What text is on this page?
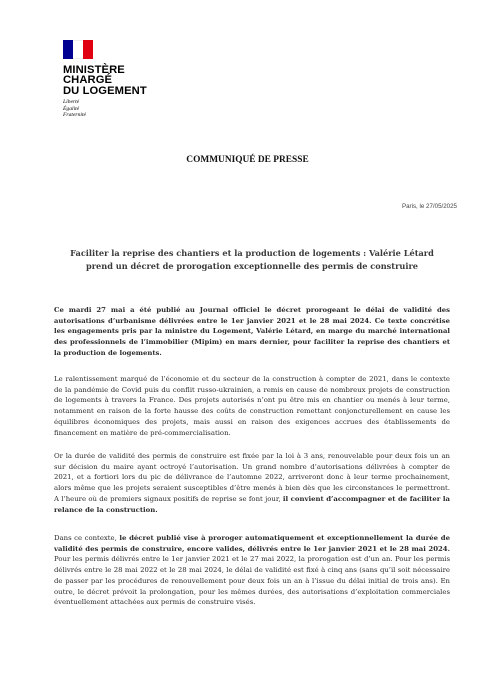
MINISTÈRE
CHARGÉ
DU LOGEMENT
Liberté
Égalité
Fraternité
COMMUNIQUÉ DE PRESSE
Paris, le 27/05/2025
Faciliter la reprise des chantiers et la production de logements : Valérie Létard prend un décret de prorogation exceptionnelle des permis de construire

Ce mardi 27 mai a été publié au Journal officiel le décret prorogeant le délai de validité des autorisations d’urbanisme délivrées entre le 1er janvier 2021 et le 28 mai 2024. Ce texte concrétise les engagements pris par la ministre du Logement, Valérie Létard, en marge du marché international des professionnels de l’immobilier (Mipim) en mars dernier, pour faciliter la reprise des chantiers et la production de logements.

Le ralentissement marqué de l’économie et du secteur de la construction à compter de 2021, dans le contexte de la pandémie de Covid puis du conflit russo-ukrainien, a remis en cause de nombreux projets de construction de logements à travers la France. Des projets autorisés n’ont pu être mis en chantier ou menés à leur terme, notamment en raison de la forte hausse des coûts de construction remettant conjoncturellement en cause les équilibres économiques des projets, mais aussi en raison des exigences accrues des établissements de financement en matière de pré-commercialisation.

Or la durée de validité des permis de construire est fixée par la loi à 3 ans, renouvelable pour deux fois un an sur décision du maire ayant octroyé l’autorisation. Un grand nombre d’autorisations délivrées à compter de 2021, et a fortiori lors du pic de délivrance de l’automne 2022, arriveront donc à leur terme prochainement, alors même que les projets seraient susceptibles d’être menés à bien dès que les circonstances le permettront. A l’heure où de premiers signaux positifs de reprise se font jour, il convient d’accompagner et de faciliter la relance de la construction.

Dans ce contexte, le décret publié vise à proroger automatiquement et exceptionnellement la durée de validité des permis de construire, encore valides, délivrés entre le 1er janvier 2021 et le 28 mai 2024. Pour les permis délivrés entre le 1er janvier 2021 et le 27 mai 2022, la prorogation est d’un an. Pour les permis délivrés entre le 28 mai 2022 et le 28 mai 2024, le délai de validité est fixé à cinq ans (sans qu’il soit nécessaire de passer par les procédures de renouvellement pour deux fois un an à l’issue du délai initial de trois ans). En outre, le décret prévoit la prolongation, pour les mêmes durées, des autorisations d’exploitation commerciales éventuellement attachées aux permis de construire visés.
